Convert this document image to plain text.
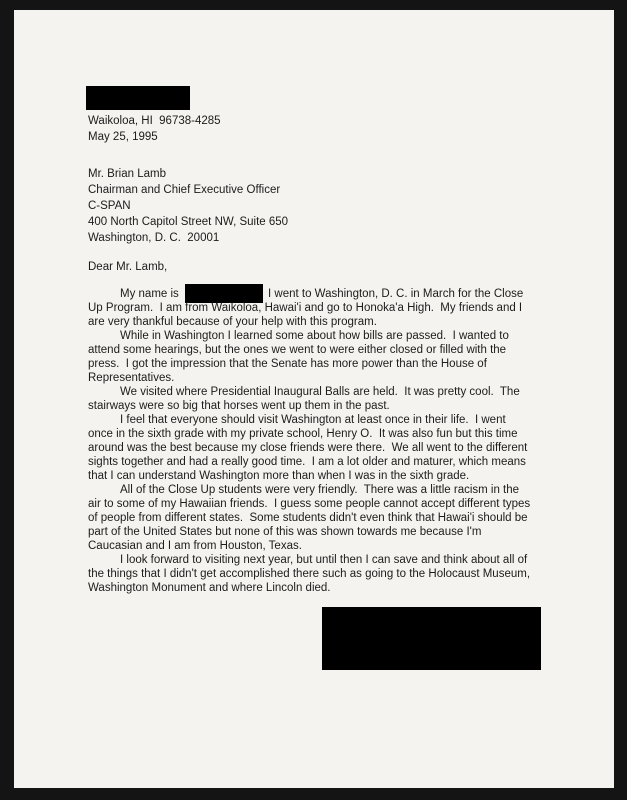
Waikoloa, HI  96738-4285

May 25, 1995

Mr. Brian Lamb

Chairman and Chief Executive Officer

C-SPAN

400 North Capitol Street NW, Suite 650

Washington, D. C.  20001

Dear Mr. Lamb,

My name is	I went to Washington, D. C. in March for the Close

Up Program.  I am from Waikoloa, Hawai'i and go to Honoka'a High.  My friends and I

are very thankful because of your help with this program.

While in Washington I learned some about how bills are passed.  I wanted to

attend some hearings, but the ones we went to were either closed or filled with the

press.  I got the impression that the Senate has more power than the House of

Representatives.

We visited where Presidential Inaugural Balls are held.  It was pretty cool.  The

stairways were so big that horses went up them in the past.

I feel that everyone should visit Washington at least once in their life.  I went

once in the sixth grade with my private school, Henry O.  It was also fun but this time

around was the best because my close friends were there.  We all went to the different

sights together and had a really good time.  I am a lot older and maturer, which means

that I can understand Washington more than when I was in the sixth grade.

All of the Close Up students were very friendly.  There was a little racism in the

air to some of my Hawaiian friends.  I guess some people cannot accept different types

of people from different states.  Some students didn't even think that Hawai'i should be

part of the United States but none of this was shown towards me because I'm

Caucasian and I am from Houston, Texas.

I look forward to visiting next year, but until then I can save and think about all of

the things that I didn't get accomplished there such as going to the Holocaust Museum,

Washington Monument and where Lincoln died.
